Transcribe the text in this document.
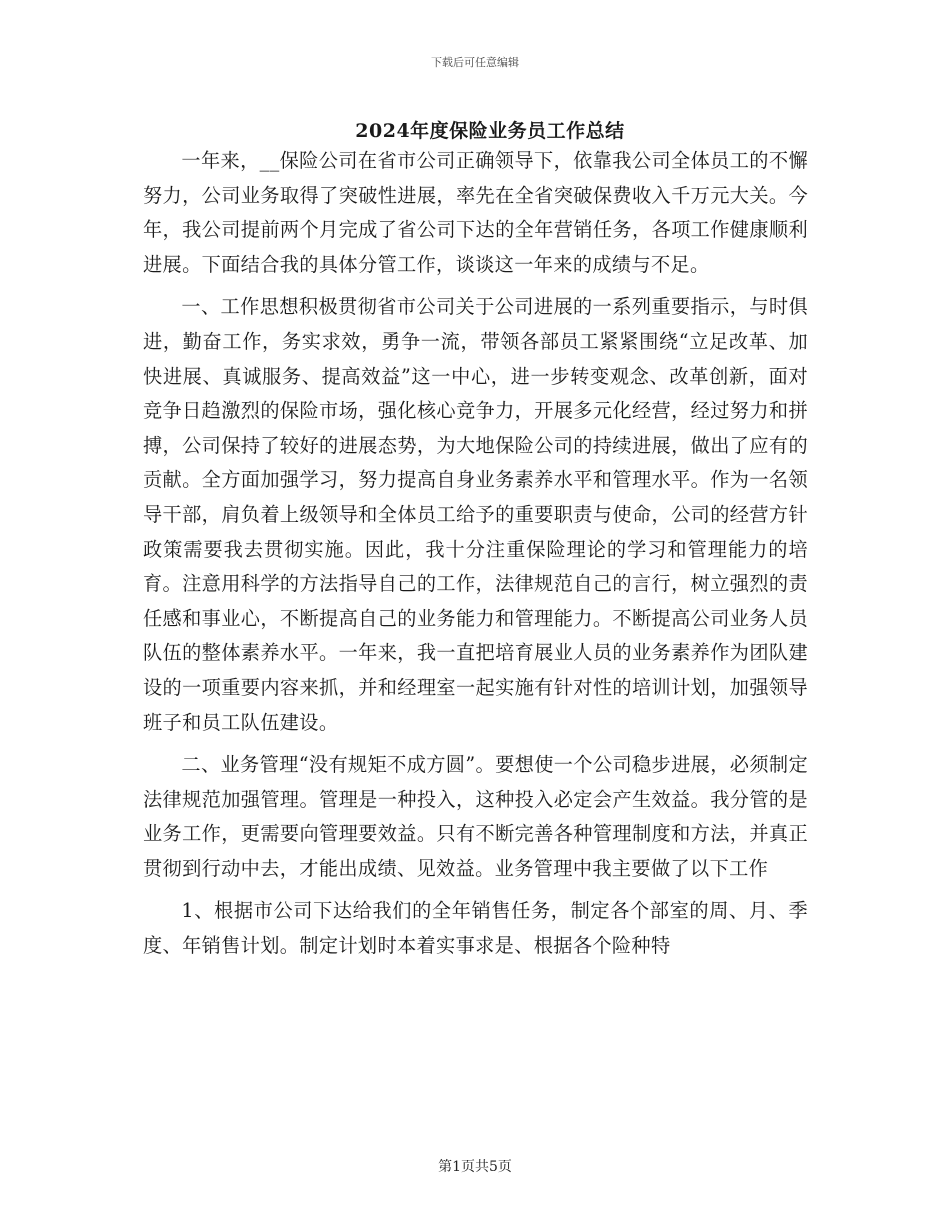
下载后可任意编辑
2024年度保险业务员工作总结

一年来，__保险公司在省市公司正确领导下，依靠我公司全体员工的不懈努力，公司业务取得了突破性进展，率先在全省突破保费收入千万元大关。今年，我公司提前两个月完成了省公司下达的全年营销任务，各项工作健康顺利进展。下面结合我的具体分管工作，谈谈这一年来的成绩与不足。

一、工作思想积极贯彻省市公司关于公司进展的一系列重要指示，与时俱进，勤奋工作，务实求效，勇争一流，带领各部员工紧紧围绕“立足改革、加快进展、真诚服务、提高效益”这一中心，进一步转变观念、改革创新，面对竞争日趋激烈的保险市场，强化核心竞争力，开展多元化经营，经过努力和拼搏，公司保持了较好的进展态势，为大地保险公司的持续进展，做出了应有的贡献。全方面加强学习，努力提高自身业务素养水平和管理水平。作为一名领导干部，肩负着上级领导和全体员工给予的重要职责与使命，公司的经营方针政策需要我去贯彻实施。因此，我十分注重保险理论的学习和管理能力的培育。注意用科学的方法指导自己的工作，法律规范自己的言行，树立强烈的责任感和事业心，不断提高自己的业务能力和管理能力。不断提高公司业务人员队伍的整体素养水平。一年来，我一直把培育展业人员的业务素养作为团队建设的一项重要内容来抓，并和经理室一起实施有针对性的培训计划，加强领导班子和员工队伍建设。

二、业务管理“没有规矩不成方圆”。要想使一个公司稳步进展，必须制定法律规范加强管理。管理是一种投入，这种投入必定会产生效益。我分管的是业务工作，更需要向管理要效益。只有不断完善各种管理制度和方法，并真正贯彻到行动中去，才能出成绩、见效益。业务管理中我主要做了以下工作

1、根据市公司下达给我们的全年销售任务，制定各个部室的周、月、季度、年销售计划。制定计划时本着实事求是、根据各个险种特

第1页共5页
